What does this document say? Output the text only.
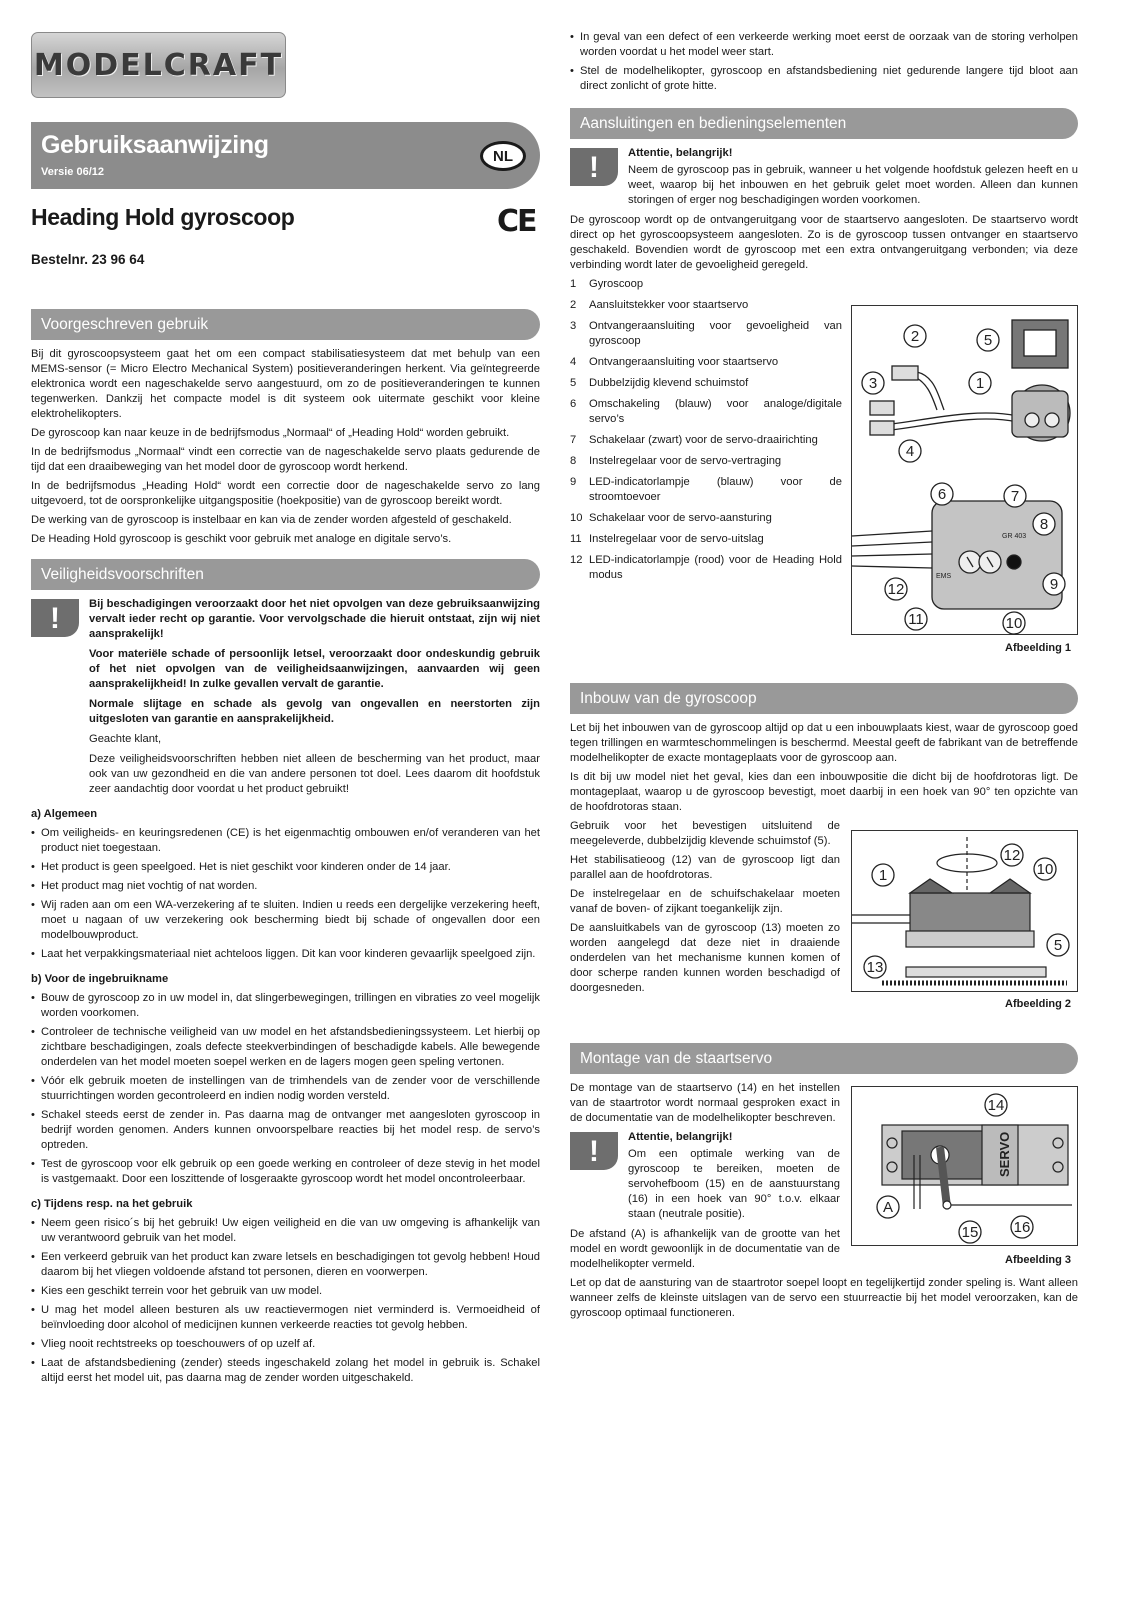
MODELCRAFT
Gebruiksaanwijzing
Versie 06/12
NL
Heading Hold gyroscoop	CE
Bestelnr. 23 96 64
Voorgeschreven gebruik

Bij dit gyroscoopsysteem gaat het om een compact stabilisatiesysteem dat met behulp van een MEMS-sensor (= Micro Electro Mechanical System) positieveranderingen herkent. Via geïntegreerde elektronica wordt een nageschakelde servo aangestuurd, om zo de positieveranderingen te kunnen tegenwerken. Dankzij het compacte model is dit systeem ook uitermate geschikt voor kleine elektrohelikopters.

De gyroscoop kan naar keuze in de bedrijfsmodus „Normaal“ of „Heading Hold“ worden gebruikt.

In de bedrijfsmodus „Normaal“ vindt een correctie van de nageschakelde servo plaats gedurende de tijd dat een draaibeweging van het model door de gyroscoop wordt herkend.

In de bedrijfsmodus „Heading Hold“ wordt een correctie door de nageschakelde servo zo lang uitgevoerd, tot de oorspronkelijke uitgangspositie (hoekpositie) van de gyroscoop bereikt wordt.

De werking van de gyroscoop is instelbaar en kan via de zender worden afgesteld of geschakeld.

De Heading Hold gyroscoop is geschikt voor gebruik met analoge en digitale servo’s.

Veiligheidsvoorschriften
!	Bij beschadigingen veroorzaakt door het niet opvolgen van deze gebruiksaanwijzing vervalt ieder recht op garantie. Voor vervolgschade die hieruit ontstaat, zijn wij niet aansprakelijk!

Voor materiële schade of persoonlijk letsel, veroorzaakt door ondeskundig gebruik of het niet opvolgen van de veiligheidsaanwijzingen, aanvaarden wij geen aansprakelijkheid! In zulke gevallen vervalt de garantie.

Normale slijtage en schade als gevolg van ongevallen en neerstorten zijn uitgesloten van garantie en aansprakelijkheid.

Geachte klant,

Deze veiligheidsvoorschriften hebben niet alleen de bescherming van het product, maar ook van uw gezondheid en die van andere personen tot doel. Lees daarom dit hoofdstuk zeer aandachtig door voordat u het product gebruikt!

a) Algemeen
• Om veiligheids- en keuringsredenen (CE) is het eigenmachtig ombouwen en/of veranderen van het product niet toegestaan.
• Het product is geen speelgoed. Het is niet geschikt voor kinderen onder de 14 jaar.
• Het product mag niet vochtig of nat worden.
• Wij raden aan om een WA-verzekering af te sluiten. Indien u reeds een dergelijke verzekering heeft, moet u nagaan of uw verzekering ook bescherming biedt bij schade of ongevallen door een modelbouwproduct.
• Laat het verpakkingsmateriaal niet achteloos liggen. Dit kan voor kinderen gevaarlijk speelgoed zijn.
b) Voor de ingebruikname
• Bouw de gyroscoop zo in uw model in, dat slingerbewegingen, trillingen en vibraties zo veel mogelijk worden voorkomen.
• Controleer de technische veiligheid van uw model en het afstandsbedieningssysteem. Let hierbij op zichtbare beschadigingen, zoals defecte steekverbindingen of beschadigde kabels. Alle bewegende onderdelen van het model moeten soepel werken en de lagers mogen geen speling vertonen.
• Vóór elk gebruik moeten de instellingen van de trimhendels van de zender voor de verschillende stuurrichtingen worden gecontroleerd en indien nodig worden versteld.
• Schakel steeds eerst de zender in. Pas daarna mag de ontvanger met aangesloten gyroscoop in bedrijf worden genomen. Anders kunnen onvoorspelbare reacties bij het model resp. de servo’s optreden.
• Test de gyroscoop voor elk gebruik op een goede werking en controleer of deze stevig in het model is vastgemaakt. Door een loszittende of losgeraakte gyroscoop wordt het model oncontroleerbaar.
c) Tijdens resp. na het gebruik
• Neem geen risico´s bij het gebruik! Uw eigen veiligheid en die van uw omgeving is afhankelijk van uw verantwoord gebruik van het model.
• Een verkeerd gebruik van het product kan zware letsels en beschadigingen tot gevolg hebben! Houd daarom bij het vliegen voldoende afstand tot personen, dieren en voorwerpen.
• Kies een geschikt terrein voor het gebruik van uw model.
• U mag het model alleen besturen als uw reactievermogen niet verminderd is. Vermoeidheid of beïnvloeding door alcohol of medicijnen kunnen verkeerde reacties tot gevolg hebben.
• Vlieg nooit rechtstreeks op toeschouwers of op uzelf af.
• Laat de afstandsbediening (zender) steeds ingeschakeld zolang het model in gebruik is. Schakel altijd eerst het model uit, pas daarna mag de zender worden uitgeschakeld.
• In geval van een defect of een verkeerde werking moet eerst de oorzaak van de storing verholpen worden voordat u het model weer start.
• Stel de modelhelikopter, gyroscoop en afstandsbediening niet gedurende langere tijd bloot aan direct zonlicht of grote hitte.
Aansluitingen en bedieningselementen
!	Attentie, belangrijk!

Neem de gyroscoop pas in gebruik, wanneer u het volgende hoofdstuk gelezen heeft en u weet, waarop bij het inbouwen en het gebruik gelet moet worden. Alleen dan kunnen storingen of erger nog beschadigingen worden voorkomen.

De gyroscoop wordt op de ontvangeruitgang voor de staartservo aangesloten. De staartservo wordt direct op het gyroscoopsysteem aangesloten. Zo is de gyroscoop tussen ontvanger en staartservo geschakeld. Bovendien wordt de gyroscoop met een extra ontvangeruitgang verbonden; via deze verbinding wordt later de gevoeligheid geregeld.

1 Gyroscoop
2 Aansluitstekker voor staartservo
3 Ontvangeraansluiting voor gevoeligheid van gyroscoop
4 Ontvangeraansluiting voor staartservo
5 Dubbelzijdig klevend schuimstof
6 Omschakeling (blauw) voor analoge/digitale servo’s
7 Schakelaar (zwart) voor de servo-draairichting
8 Instelregelaar voor de servo-vertraging
9 LED-indicatorlampje (blauw) voor de stroomtoevoer
10 Schakelaar voor de servo-aansturing
11 Instelregelaar voor de servo-uitslag
12 LED-indicatorlampje (rood) voor de Heading Hold modus
2	5
3	1
4
6	7
8
9
10
11
12
GR 403
EMS
Afbeelding 1
Inbouw van de gyroscoop

Let bij het inbouwen van de gyroscoop altijd op dat u een inbouwplaats kiest, waar de gyroscoop goed tegen trillingen en warmteschommelingen is beschermd. Meestal geeft de fabrikant van de betreffende modelhelikopter de exacte montageplaats voor de gyroscoop aan.

Is dit bij uw model niet het geval, kies dan een inbouwpositie die dicht bij de hoofdrotoras ligt. De montageplaat, waarop u de gyroscoop bevestigt, moet daarbij in een hoek van 90° ten opzichte van de hoofdrotoras staan.

Gebruik voor het bevestigen uitsluitend de meegeleverde, dubbelzijdig klevende schuimstof (5).

Het stabilisatieoog (12) van de gyroscoop ligt dan parallel aan de hoofdrotoras.

De instelregelaar en de schuifschakelaar moeten vanaf de boven- of zijkant toegankelijk zijn.

De aansluitkabels van de gyroscoop (13) moeten zo worden aangelegd dat deze niet in draaiende onderdelen van het mechanisme kunnen komen of door scherpe randen kunnen worden beschadigd of doorgesneden.

1
12
10
5
13
Afbeelding 2
Montage van de staartservo

De montage van de staartservo (14) en het instellen van de staartrotor wordt normaal gesproken exact in de documentatie van de modelhelikopter beschreven.

!	Attentie, belangrijk!

Om een optimale werking van de gyroscoop te bereiken, moeten de servohefboom (15) en de aanstuurstang (16) in een hoek van 90° t.o.v. elkaar staan (neutrale positie).

De afstand (A) is afhankelijk van de grootte van het model en wordt gewoonlijk in de documentatie van de modelhelikopter vermeld.

Let op dat de aansturing van de staartrotor soepel loopt en tegelijkertijd zonder speling is. Want alleen wanneer zelfs de kleinste uitslagen van de servo een stuurreactie bij het model veroorzaken, kan de gyroscoop optimaal functioneren.

SERVO
14
A
15 16
Afbeelding 3
